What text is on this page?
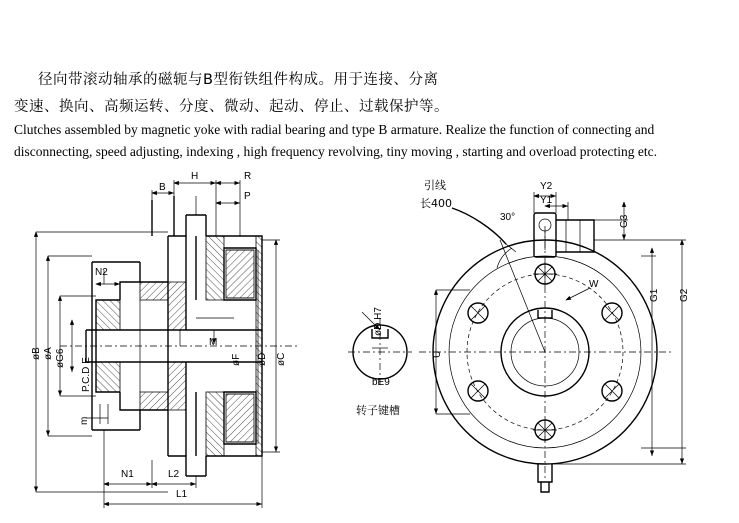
径向带滚动轴承的磁轭与B型衔铁组件构成。用于连接、分离
变速、换向、高频运转、分度、微动、起动、停止、过载保护等。
Clutches assembled by magnetic yoke with radial bearing and type B armature. Realize the function of connecting and
disconnecting, speed adjusting, indexing , high frequency revolving, tiny moving , starting and overload protecting etc.
B
H	R
P
øB øA øG6 P.C.D E
m
N2
M
øD
øF	øC
N1	L2
L1
øD H7
bE9
转子键槽
引线
长400
30°
Y2
Y1
G3
G1 G2
W
U
